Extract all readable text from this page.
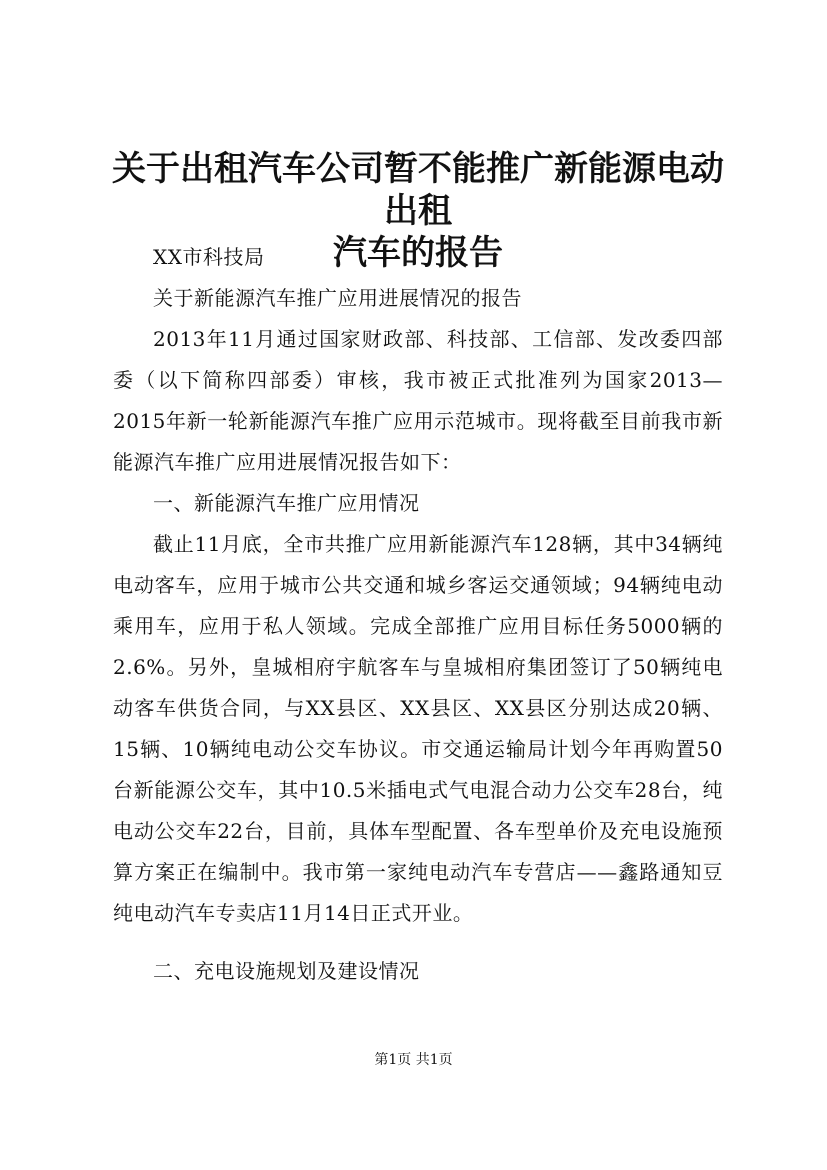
关于出租汽车公司暂不能推广新能源电动出租
汽车的报告

XX市科技局

关于新能源汽车推广应用进展情况的报告

2013年11月通过国家财政部、科技部、工信部、发改委四部委（以下简称四部委）审核，我市被正式批准列为国家2013—2015年新一轮新能源汽车推广应用示范城市。现将截至目前我市新能源汽车推广应用进展情况报告如下：

一、新能源汽车推广应用情况

截止11月底，全市共推广应用新能源汽车128辆，其中34辆纯电动客车，应用于城市公共交通和城乡客运交通领域；94辆纯电动乘用车，应用于私人领域。完成全部推广应用目标任务5000辆的2.6%。另外，皇城相府宇航客车与皇城相府集团签订了50辆纯电动客车供货合同，与XX县区、XX县区、XX县区分别达成20辆、15辆、10辆纯电动公交车协议。市交通运输局计划今年再购置50台新能源公交车，其中10.5米插电式气电混合动力公交车28台，纯电动公交车22台，目前，具体车型配置、各车型单价及充电设施预算方案正在编制中。我市第一家纯电动汽车专营店——鑫路通知豆纯电动汽车专卖店11月14日正式开业。

二、充电设施规划及建设情况

第1页 共1页
